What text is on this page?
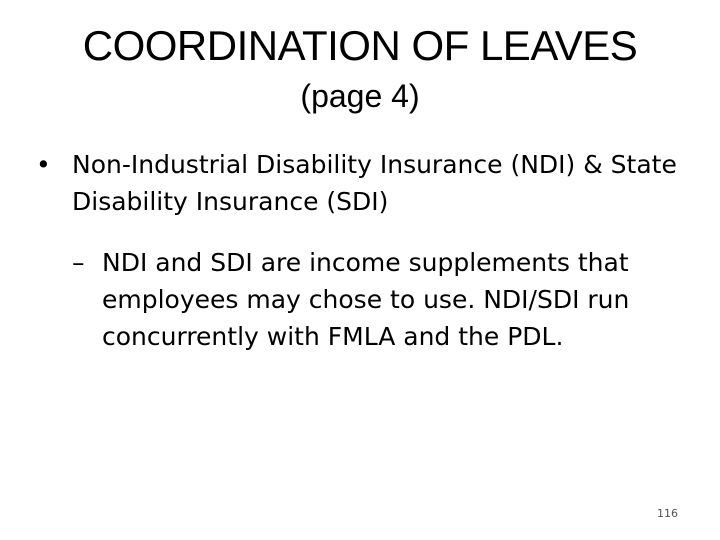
COORDINATION OF LEAVES

(page 4)

• Non-Industrial Disability Insurance (NDI) & State Disability Insurance (SDI)
– NDI and SDI are income supplements that employees may chose to use. NDI/SDI run concurrently with FMLA and the PDL.
116
